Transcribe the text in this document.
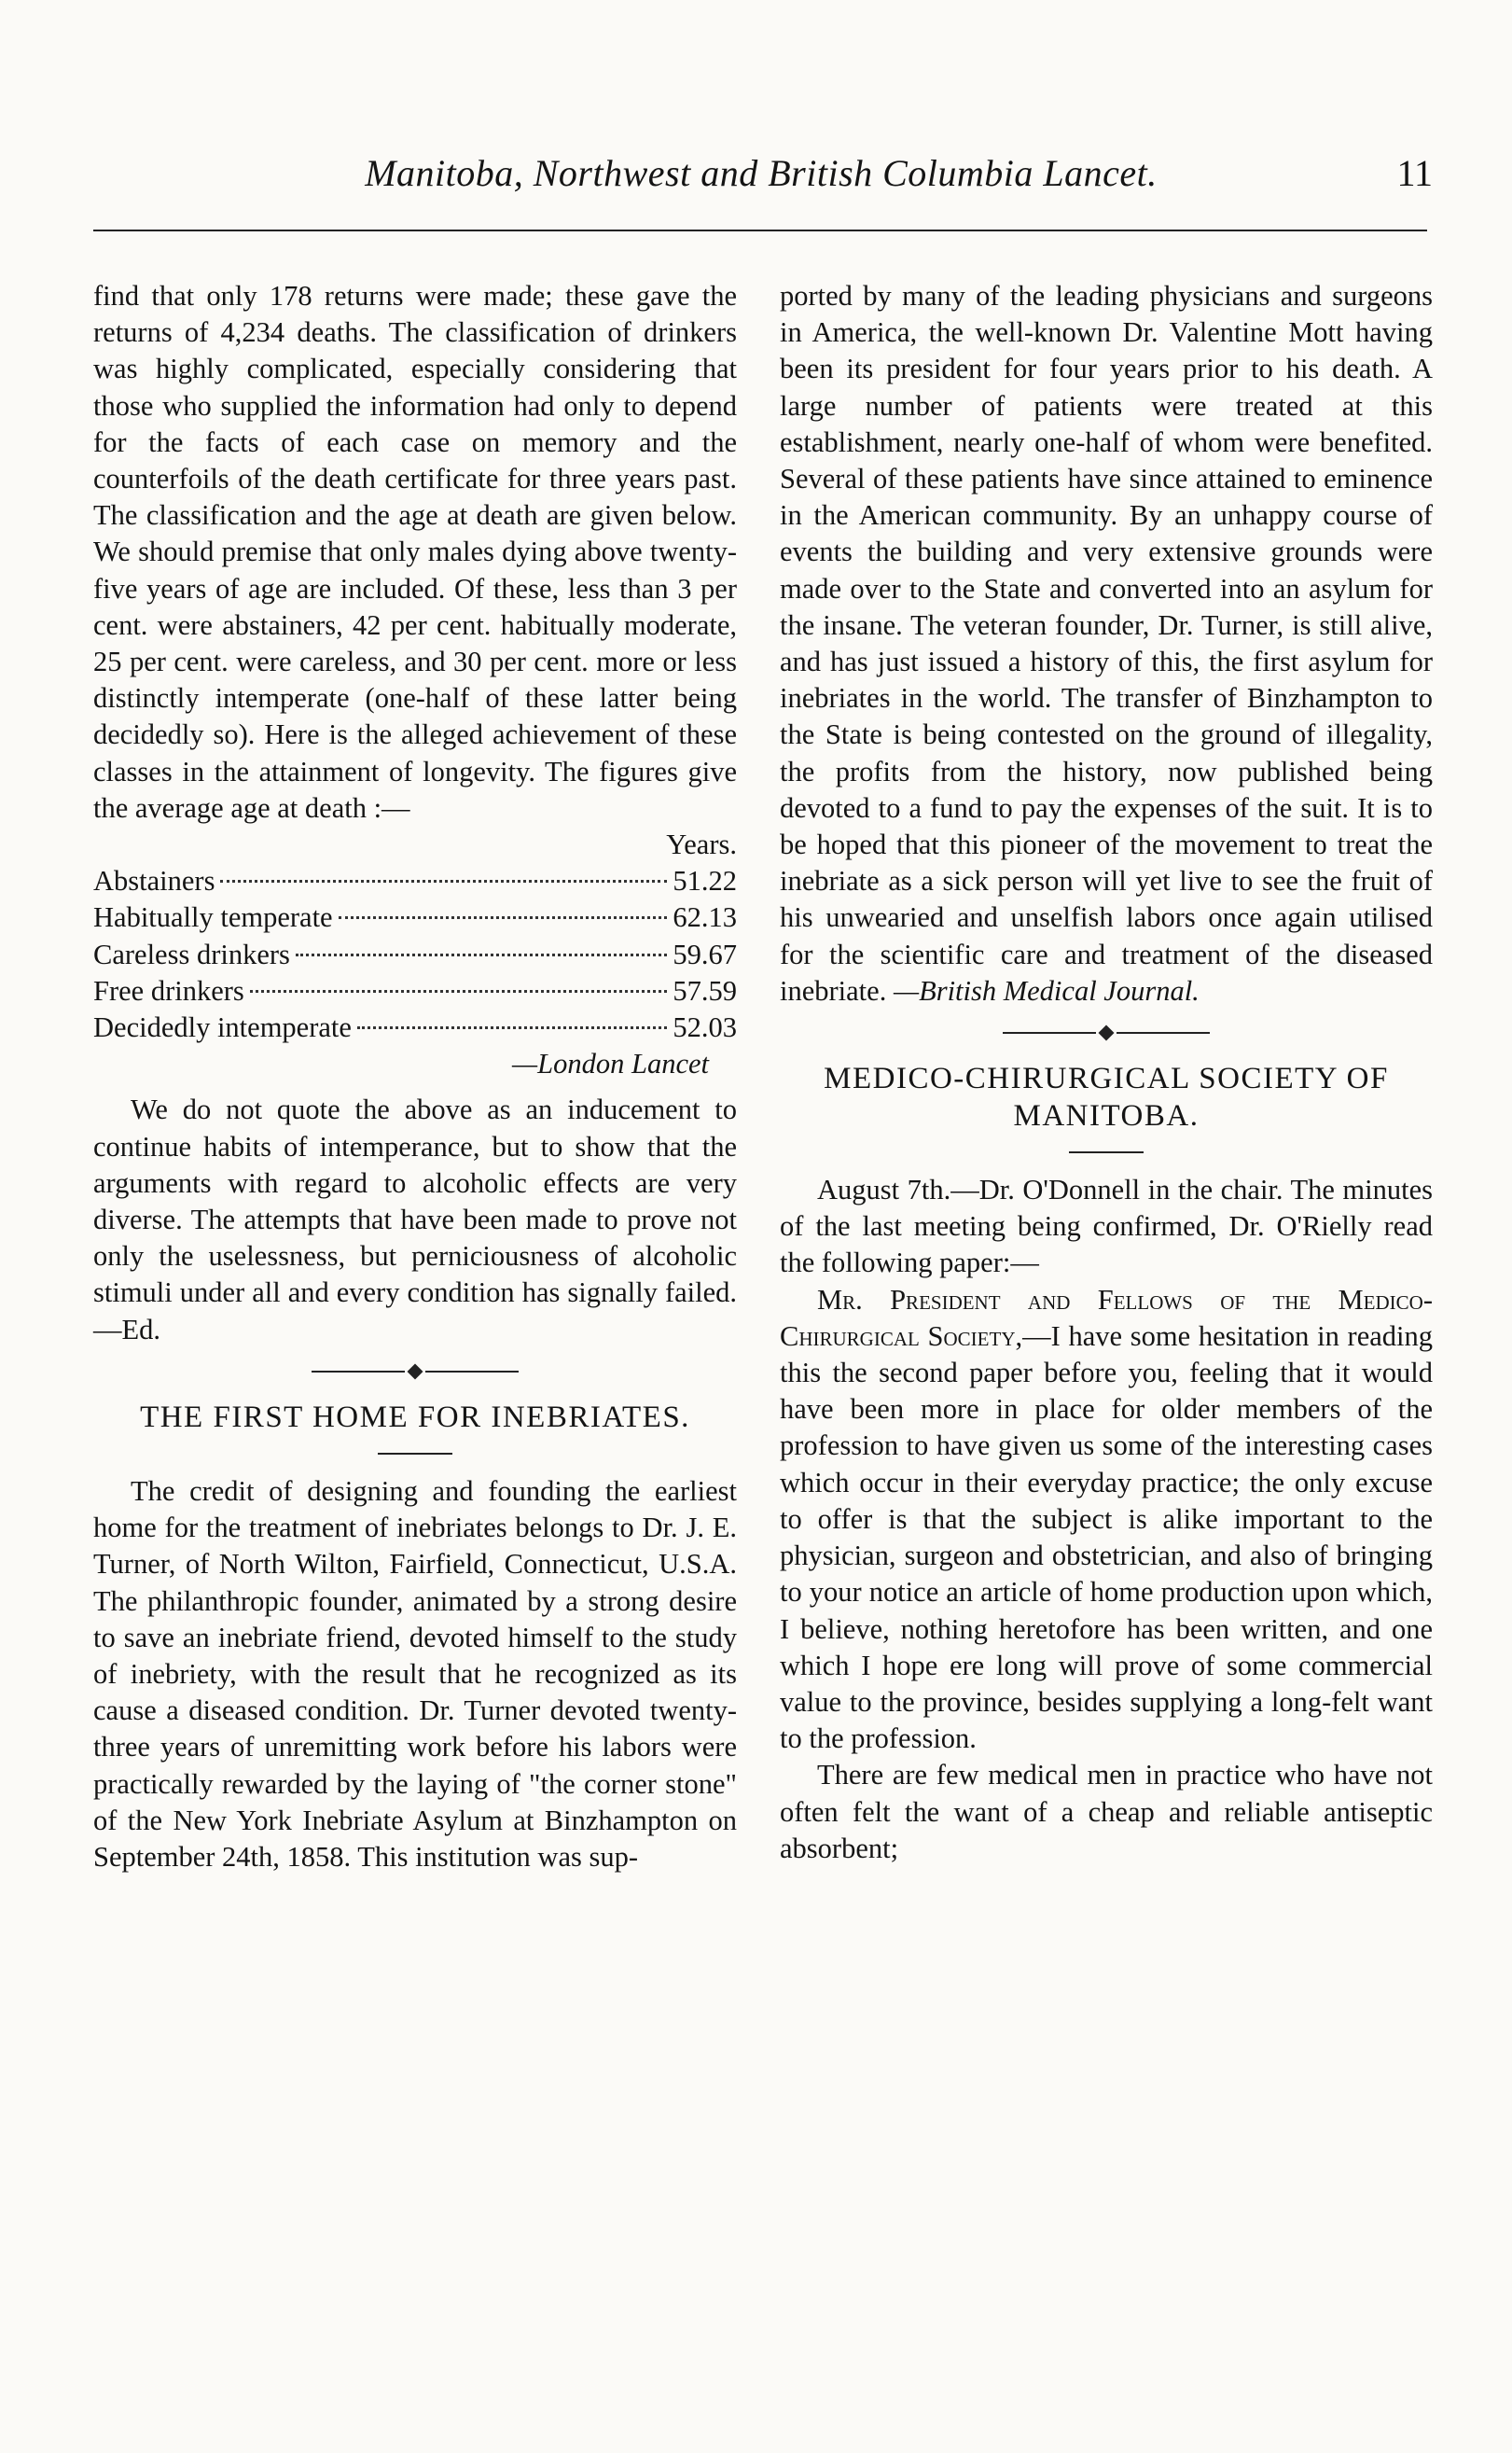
Manitoba, Northwest and British Columbia Lancet.	11

find that only 178 returns were made; these gave the returns of 4,234 deaths. The classification of drinkers was highly complicated, especially considering that those who supplied the information had only to depend for the facts of each case on memory and the counterfoils of the death certificate for three years past. The classification and the age at death are given below. We should premise that only males dying above twenty-five years of age are included. Of these, less than 3 per cent. were abstainers, 42 per cent. habitually moderate, 25 per cent. were careless, and 30 per cent. more or less distinctly intemperate (one-half of these latter being decidedly so). Here is the alleged achievement of these classes in the attainment of longevity. The figures give the average age at death :—

Years.

Abstainers	51.22
Habitually temperate	62.13
Careless drinkers	59.67
Free drinkers	57.59
Decidedly intemperate	52.03

—London Lancet

We do not quote the above as an inducement to continue habits of intemperance, but to show that the arguments with regard to alcoholic effects are very diverse. The attempts that have been made to prove not only the uselessness, but perniciousness of alcoholic stimuli under all and every condition has signally failed.—Ed.

THE FIRST HOME FOR INEBRIATES.

The credit of designing and founding the earliest home for the treatment of inebriates belongs to Dr. J. E. Turner, of North Wilton, Fairfield, Connecticut, U.S.A. The philanthropic founder, animated by a strong desire to save an inebriate friend, devoted himself to the study of inebriety, with the result that he recognized as its cause a diseased condition. Dr. Turner devoted twenty-three years of unremitting work before his labors were practically rewarded by the laying of "the corner stone" of the New York Inebriate Asylum at Binzhampton on September 24th, 1858. This institution was sup-

ported by many of the leading physicians and surgeons in America, the well-known Dr. Valentine Mott having been its president for four years prior to his death. A large number of patients were treated at this establishment, nearly one-half of whom were benefited. Several of these patients have since attained to eminence in the American community. By an unhappy course of events the building and very extensive grounds were made over to the State and converted into an asylum for the insane. The veteran founder, Dr. Turner, is still alive, and has just issued a history of this, the first asylum for inebriates in the world. The transfer of Binzhampton to the State is being contested on the ground of illegality, the profits from the history, now published being devoted to a fund to pay the expenses of the suit. It is to be hoped that this pioneer of the movement to treat the inebriate as a sick person will yet live to see the fruit of his unwearied and unselfish labors once again utilised for the scientific care and treatment of the diseased inebriate. —British Medical Journal.

MEDICO-CHIRURGICAL SOCIETY OF MANITOBA.

August 7th.—Dr. O'Donnell in the chair. The minutes of the last meeting being confirmed, Dr. O'Rielly read the following paper:—

Mr. President and Fellows of the Medico-Chirurgical Society,—I have some hesitation in reading this the second paper before you, feeling that it would have been more in place for older members of the profession to have given us some of the interesting cases which occur in their everyday practice; the only excuse to offer is that the subject is alike important to the physician, surgeon and obstetrician, and also of bringing to your notice an article of home production upon which, I believe, nothing heretofore has been written, and one which I hope ere long will prove of some commercial value to the province, besides supplying a long-felt want to the profession.

There are few medical men in practice who have not often felt the want of a cheap and reliable antiseptic absorbent;
